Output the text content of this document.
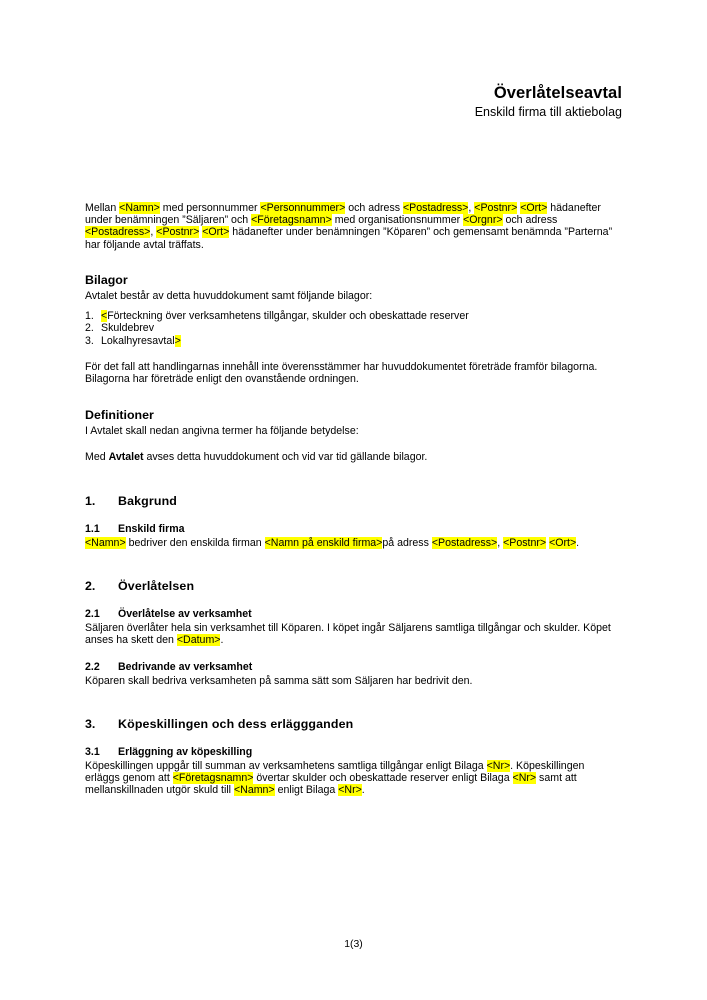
Överlåtelseavtal
Enskild firma till aktiebolag

Mellan <Namn> med personnummer <Personnummer> och adress <Postadress>, <Postnr> <Ort> hädanefter under benämningen ”Säljaren” och <Företagsnamn> med organisationsnummer <Orgnr> och adress <Postadress>, <Postnr> <Ort> hädanefter under benämningen ”Köparen” och gemensamt benämnda ”Parterna” har följande avtal träffats.

Bilagor

Avtalet består av detta huvuddokument samt följande bilagor:

1. <Förteckning över verksamhetens tillgångar, skulder och obeskattade reserver
2. Skuldebrev
3. Lokalhyresavtal>

För det fall att handlingarnas innehåll inte överensstämmer har huvuddokumentet företräde framför bilagorna. Bilagorna har företräde enligt den ovanstående ordningen.

Definitioner

I Avtalet skall nedan angivna termer ha följande betydelse:

Med Avtalet avses detta huvuddokument och vid var tid gällande bilagor.

1.	Bakgrund
1.1	Enskild firma

<Namn> bedriver den enskilda firman <Namn på enskild firma>på adress <Postadress>, <Postnr> <Ort>.

2.	Överlåtelsen
2.1	Överlåtelse av verksamhet

Säljaren överlåter hela sin verksamhet till Köparen. I köpet ingår Säljarens samtliga tillgångar och skulder. Köpet anses ha skett den <Datum>.

2.2	Bedrivande av verksamhet

Köparen skall bedriva verksamheten på samma sätt som Säljaren har bedrivit den.

3.	Köpeskillingen och dess erläggganden
3.1	Erläggning av köpeskilling

Köpeskillingen uppgår till summan av verksamhetens samtliga tillgångar enligt Bilaga <Nr>. Köpeskillingen erläggs genom att <Företagsnamn> övertar skulder och obeskattade reserver enligt Bilaga <Nr> samt att mellanskillnaden utgör skuld till <Namn> enligt Bilaga <Nr>.

1(3)
